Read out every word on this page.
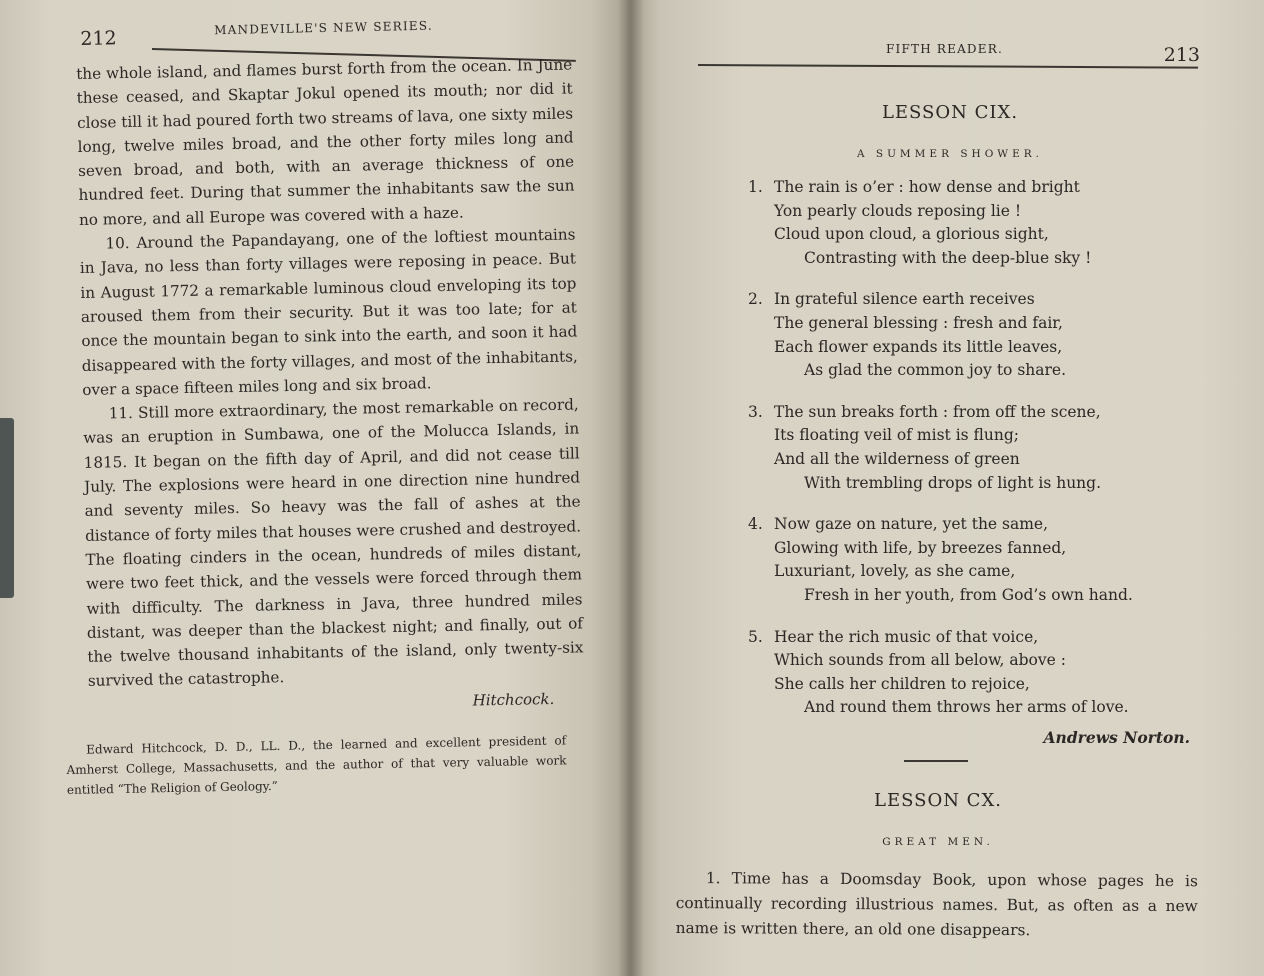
212	MANDEVILLE'S NEW SERIES.

the whole island, and flames burst forth from the ocean. In June these ceased, and Skaptar Jokul opened its mouth; nor did it close till it had poured forth two streams of lava, one sixty miles long, twelve miles broad, and the other forty miles long and seven broad, and both, with an average thickness of one hundred feet. During that summer the inhabitants saw the sun no more, and all Europe was covered with a haze.

10. Around the Papandayang, one of the loftiest mountains in Java, no less than forty villages were reposing in peace. But in August 1772 a remarkable luminous cloud enveloping its top aroused them from their security. But it was too late; for at once the mountain began to sink into the earth, and soon it had disappeared with the forty villages, and most of the inhabitants, over a space fifteen miles long and six broad.

11. Still more extraordinary, the most remarkable on record, was an eruption in Sumbawa, one of the Molucca Islands, in 1815. It began on the fifth day of April, and did not cease till July. The explosions were heard in one direction nine hundred and seventy miles. So heavy was the fall of ashes at the distance of forty miles that houses were crushed and destroyed. The floating cinders in the ocean, hundreds of miles distant, were two feet thick, and the vessels were forced through them with difficulty. The darkness in Java, three hundred miles distant, was deeper than the blackest night; and finally, out of the twelve thousand inhabitants of the island, only twenty-six survived the catastrophe.

Hitchcock.

Edward Hitchcock, D. D., LL. D., the learned and excellent president of Amherst College, Massachusetts, and the author of that very valuable work entitled “The Religion of Geology.”

FIFTH READER.	213
LESSON CIX.
A SUMMER SHOWER.
1. The rain is o’er : how dense and bright
Yon pearly clouds reposing lie !
Cloud upon cloud, a glorious sight,
Contrasting with the deep-blue sky !
2. In grateful silence earth receives
The general blessing : fresh and fair,
Each flower expands its little leaves,
As glad the common joy to share.
3. The sun breaks forth : from off the scene,
Its floating veil of mist is flung;
And all the wilderness of green
With trembling drops of light is hung.
4. Now gaze on nature, yet the same,
Glowing with life, by breezes fanned,
Luxuriant, lovely, as she came,
Fresh in her youth, from God’s own hand.
5. Hear the rich music of that voice,
Which sounds from all below, above :
She calls her children to rejoice,
And round them throws her arms of love.
Andrews Norton.
LESSON CX.
GREAT MEN.

1. Time has a Doomsday Book, upon whose pages he is continually recording illustrious names. But, as often as a new name is written there, an old one disappears.
